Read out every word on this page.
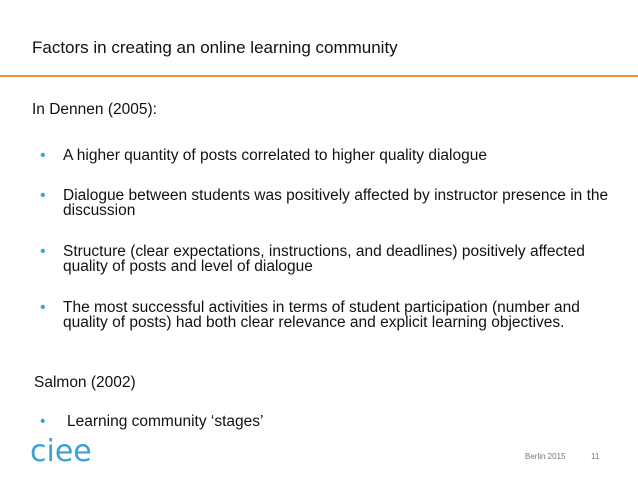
Factors in creating an online learning community
In Dennen (2005):
• A higher quantity of posts correlated to higher quality dialogue
• Dialogue between students was positively affected by instructor presence in the discussion
• Structure (clear expectations, instructions, and deadlines) positively affected quality of posts and level of dialogue
• The most successful activities in terms of student participation (number and quality of posts) had both clear relevance and explicit learning objectives.
Salmon (2002)
• Learning community ‘stages’
ciee	Berlin 2015	11
